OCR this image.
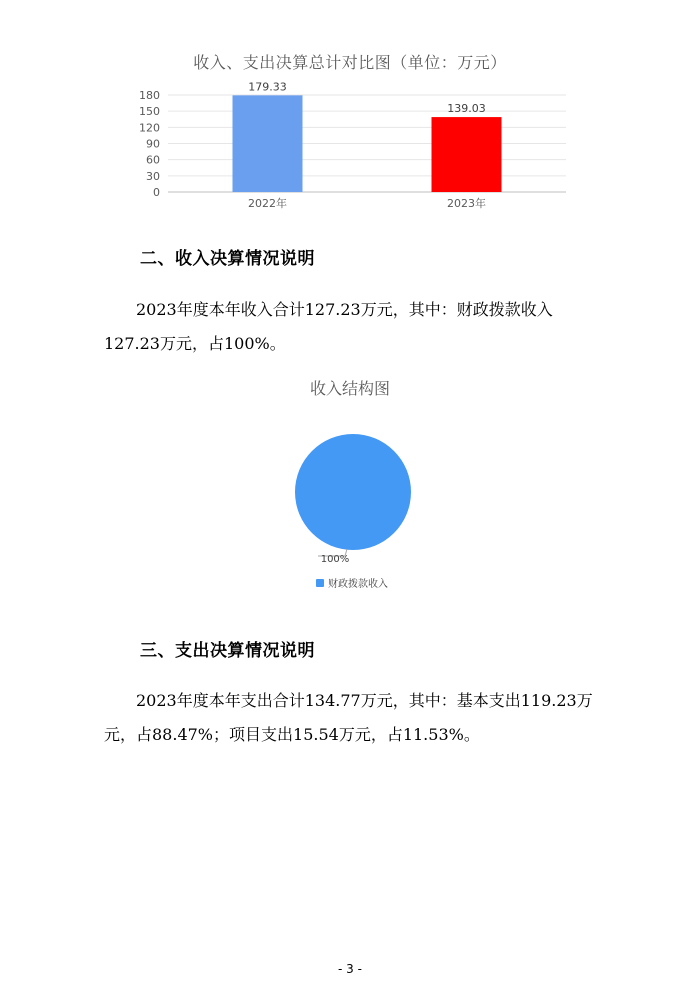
收入、支出决算总计对比图（单位：万元）
0
30
60
90
120
150
180
179.33
2022年
139.03
2023年
二、收入决算情况说明
2023年度本年收入合计127.23万元，其中：财政拨款收入127.23万元，占100%。
收入结构图
100%
财政拨款收入
三、支出决算情况说明
2023年度本年支出合计134.77万元，其中：基本支出119.23万元，占88.47%；项目支出15.54万元，占11.53%。
- 3 -
